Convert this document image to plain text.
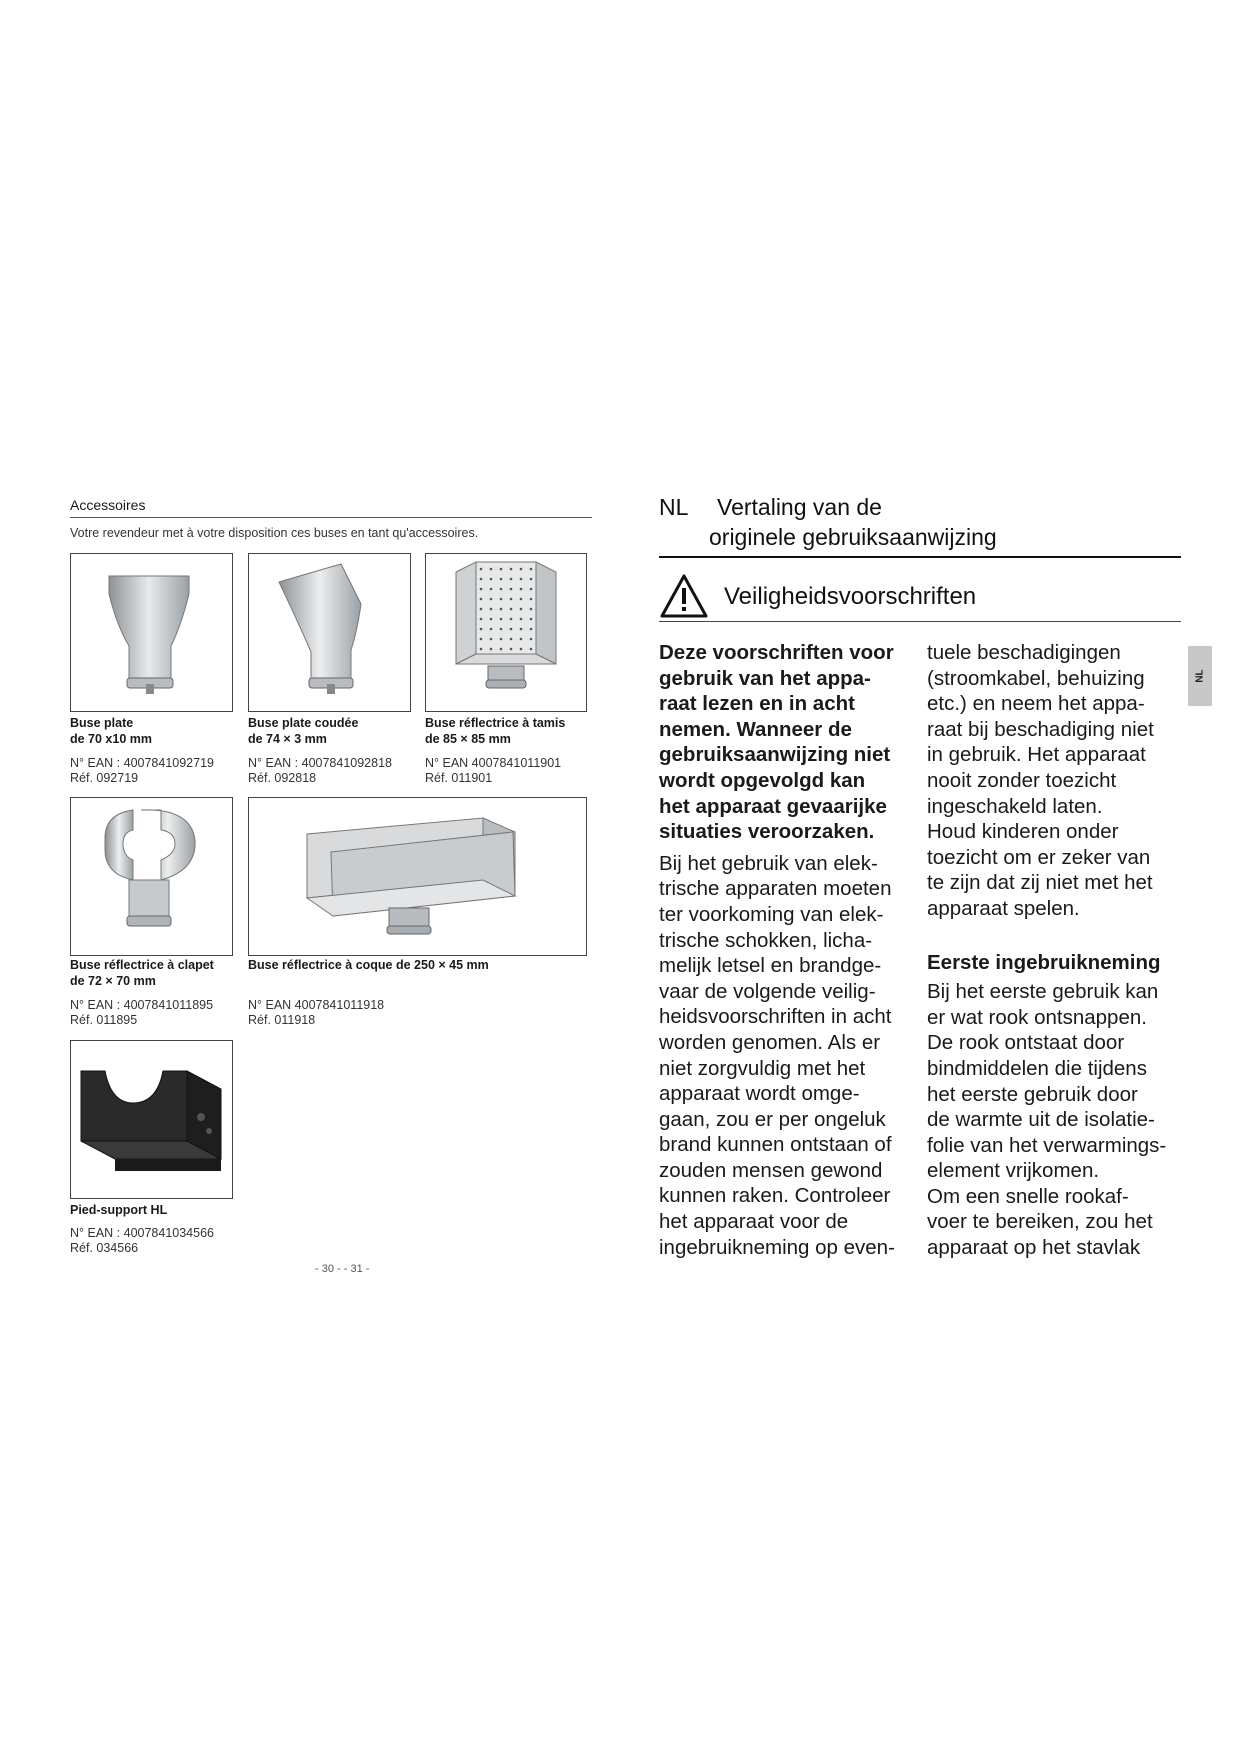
Accessoires
Votre revendeur met à votre disposition ces buses en tant qu'accessoires.
Buse plate
de 70 x10 mm
N° EAN : 4007841092719
Réf. 092719
Buse plate coudée
de 74 × 3 mm
N° EAN : 4007841092818
Réf. 092818
Buse réflectrice à tamis
de 85 × 85 mm
N° EAN 4007841011901
Réf. 011901
Buse réflectrice à clapet
de 72 × 70 mm
N° EAN : 4007841011895
Réf. 011895
Buse réflectrice à coque de 250 × 45 mm
N° EAN 4007841011918
Réf. 011918
Pied-support HL
N° EAN : 4007841034566
Réf. 034566
- 30 - - 31 -
NL Vertaling van de
originele gebruiksaanwijzing
Veiligheidsvoorschriften
NL

Deze voorschriften voor

gebruik van het appa-

raat lezen en in acht

nemen. Wanneer de

gebruiksaanwijzing niet

wordt opgevolgd kan

het apparaat gevaarijke

situaties veroorzaken.

Bij het gebruik van elek-

trische apparaten moeten

ter voorkoming van elek-

trische schokken, licha-

melijk letsel en brandge-

vaar de volgende veilig-

heidsvoorschriften in acht

worden genomen. Als er

niet zorgvuldig met het

apparaat wordt omge-

gaan, zou er per ongeluk

brand kunnen ontstaan of

zouden mensen gewond

kunnen raken. Controleer

het apparaat voor de

ingebruikneming op even-

tuele beschadigingen

(stroomkabel, behuizing

etc.) en neem het appa-

raat bij beschadiging niet

in gebruik. Het apparaat

nooit zonder toezicht

ingeschakeld laten.

Houd kinderen onder

toezicht om er zeker van

te zijn dat zij niet met het

apparaat spelen.

Eerste ingebruikneming

Bij het eerste gebruik kan

er wat rook ontsnappen.

De rook ontstaat door

bindmiddelen die tijdens

het eerste gebruik door

de warmte uit de isolatie-

folie van het verwarmings-

element vrijkomen.

Om een snelle rookaf-

voer te bereiken, zou het

apparaat op het stavlak
